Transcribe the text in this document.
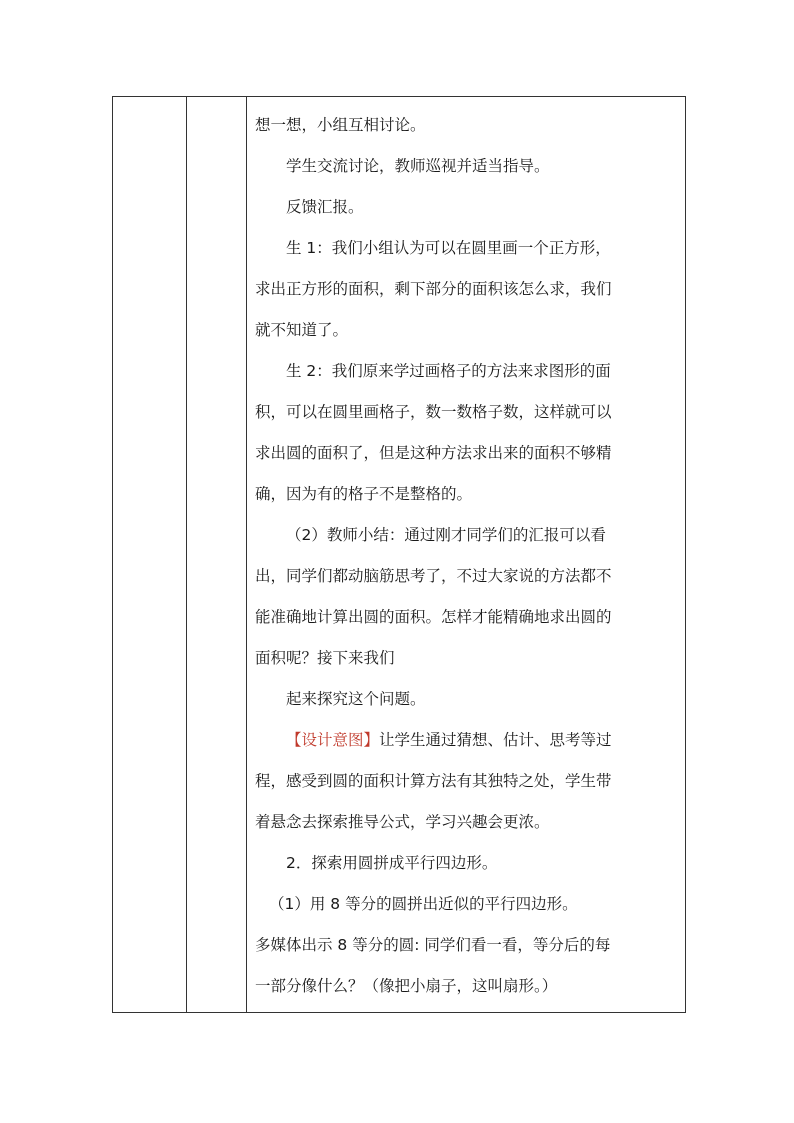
想一想，小组互相讨论。
学生交流讨论，教师巡视并适当指导。
反馈汇报。
生 1：我们小组认为可以在圆里画一个正方形，
求出正方形的面积，剩下部分的面积该怎么求，我们
就不知道了。
生 2：我们原来学过画格子的方法来求图形的面
积，可以在圆里画格子，数一数格子数，这样就可以
求出圆的面积了，但是这种方法求出来的面积不够精
确，因为有的格子不是整格的。
（2）教师小结：通过刚才同学们的汇报可以看
出，同学们都动脑筋思考了，不过大家说的方法都不
能准确地计算出圆的面积。怎样才能精确地求出圆的
面积呢？接下来我们
起来探究这个问题。
【设计意图】让学生通过猜想、估计、思考等过
程，感受到圆的面积计算方法有其独特之处，学生带
着悬念去探索推导公式，学习兴趣会更浓。
2．探索用圆拼成平行四边形。
（1）用 8 等分的圆拼出近似的平行四边形。
多媒体出示 8 等分的圆: 同学们看一看，等分后的每
一部分像什么？（像把小扇子，这叫扇形。）
